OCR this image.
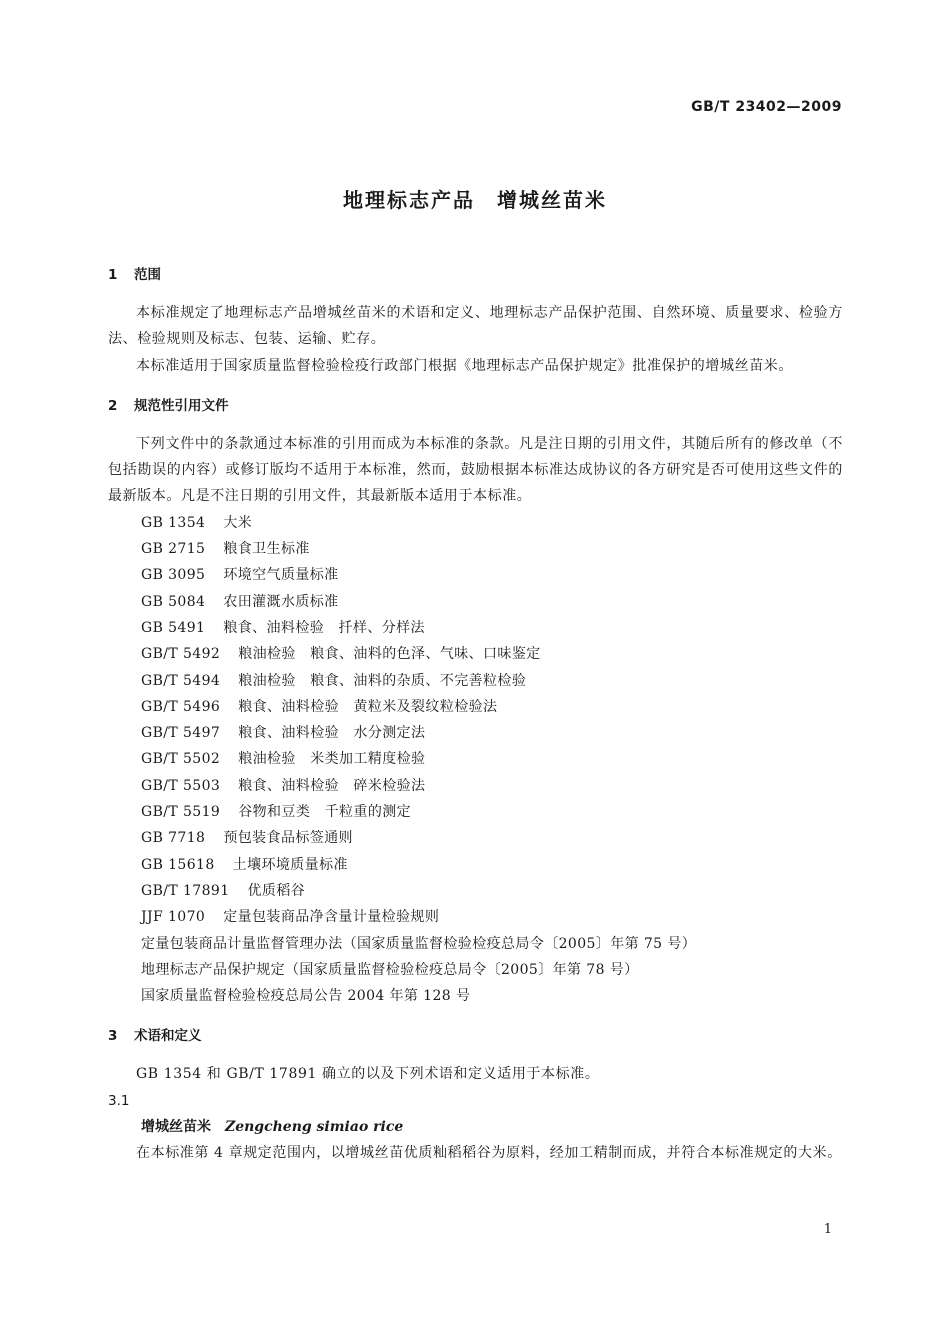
GB/T 23402—2009
地理标志产品　增城丝苗米
1	范围

本标准规定了地理标志产品增城丝苗米的术语和定义、地理标志产品保护范围、自然环境、质量要求、检验方法、检验规则及标志、包装、运输、贮存。

本标准适用于国家质量监督检验检疫行政部门根据《地理标志产品保护规定》批准保护的增城丝苗米。

2	规范性引用文件

下列文件中的条款通过本标准的引用而成为本标准的条款。凡是注日期的引用文件，其随后所有的修改单（不包括勘误的内容）或修订版均不适用于本标准，然而，鼓励根据本标准达成协议的各方研究是否可使用这些文件的最新版本。凡是不注日期的引用文件，其最新版本适用于本标准。

GB 1354 大米
GB 2715 粮食卫生标准
GB 3095 环境空气质量标准
GB 5084 农田灌溉水质标准
GB 5491 粮食、油料检验　扦样、分样法
GB/T 5492 粮油检验　粮食、油料的色泽、气味、口味鉴定
GB/T 5494 粮油检验　粮食、油料的杂质、不完善粒检验
GB/T 5496 粮食、油料检验　黄粒米及裂纹粒检验法
GB/T 5497 粮食、油料检验　水分测定法
GB/T 5502 粮油检验　米类加工精度检验
GB/T 5503 粮食、油料检验　碎米检验法
GB/T 5519 谷物和豆类　千粒重的测定
GB 7718 预包装食品标签通则
GB 15618 土壤环境质量标准
GB/T 17891 优质稻谷
JJF 1070 定量包装商品净含量计量检验规则
定量包装商品计量监督管理办法（国家质量监督检验检疫总局令〔2005〕年第 75 号）
地理标志产品保护规定（国家质量监督检验检疫总局令〔2005〕年第 78 号）
国家质量监督检验检疫总局公告 2004 年第 128 号
3	术语和定义

GB 1354 和 GB/T 17891 确立的以及下列术语和定义适用于本标准。

3.1
增城丝苗米 Zengcheng simiao rice

在本标准第 4 章规定范围内，以增城丝苗优质籼稻稻谷为原料，经加工精制而成，并符合本标准规定的大米。

1
